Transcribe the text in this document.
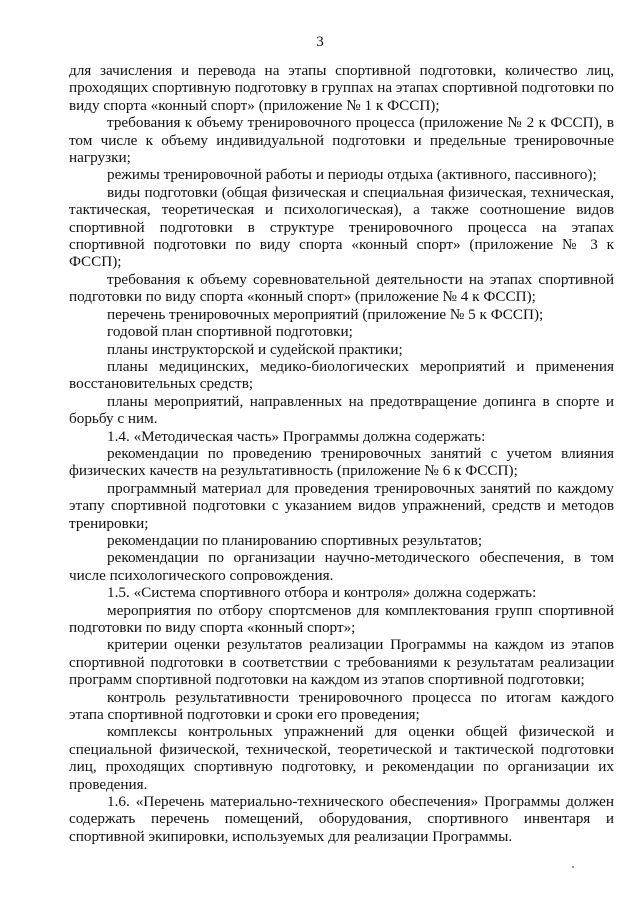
3

для зачисления и перевода на этапы спортивной подготовки, количество лиц, проходящих спортивную подготовку в группах на этапах спортивной подготовки по виду спорта «конный спорт» (приложение № 1 к ФССП);

требования к объему тренировочного процесса (приложение № 2 к ФССП), в том числе к объему индивидуальной подготовки и предельные тренировочные нагрузки;

режимы тренировочной работы и периоды отдыха (активного, пассивного);

виды подготовки (общая физическая и специальная физическая, техническая, тактическая, теоретическая и психологическая), а также соотношение видов спортивной подготовки в структуре тренировочного процесса на этапах спортивной подготовки по виду спорта «конный спорт» (приложение № 3 к ФССП);

требования к объему соревновательной деятельности на этапах спортивной подготовки по виду спорта «конный спорт» (приложение № 4 к ФССП);

перечень тренировочных мероприятий (приложение № 5 к ФССП);

годовой план спортивной подготовки;

планы инструкторской и судейской практики;

планы медицинских, медико-биологических мероприятий и применения восстановительных средств;

планы мероприятий, направленных на предотвращение допинга в спорте и борьбу с ним.

1.4. «Методическая часть» Программы должна содержать:

рекомендации по проведению тренировочных занятий с учетом влияния физических качеств на результативность (приложение № 6 к ФССП);

программный материал для проведения тренировочных занятий по каждому этапу спортивной подготовки с указанием видов упражнений, средств и методов тренировки;

рекомендации по планированию спортивных результатов;

рекомендации по организации научно-методического обеспечения, в том числе психологического сопровождения.

1.5. «Система спортивного отбора и контроля» должна содержать:

мероприятия по отбору спортсменов для комплектования групп спортивной подготовки по виду спорта «конный спорт»;

критерии оценки результатов реализации Программы на каждом из этапов спортивной подготовки в соответствии с требованиями к результатам реализации программ спортивной подготовки на каждом из этапов спортивной подготовки;

контроль результативности тренировочного процесса по итогам каждого этапа спортивной подготовки и сроки его проведения;

комплексы контрольных упражнений для оценки общей физической и специальной физической, технической, теоретической и тактической подготовки лиц, проходящих спортивную подготовку, и рекомендации по организации их проведения.

1.6. «Перечень материально-технического обеспечения» Программы должен содержать перечень помещений, оборудования, спортивного инвентаря и спортивной экипировки, используемых для реализации Программы.
